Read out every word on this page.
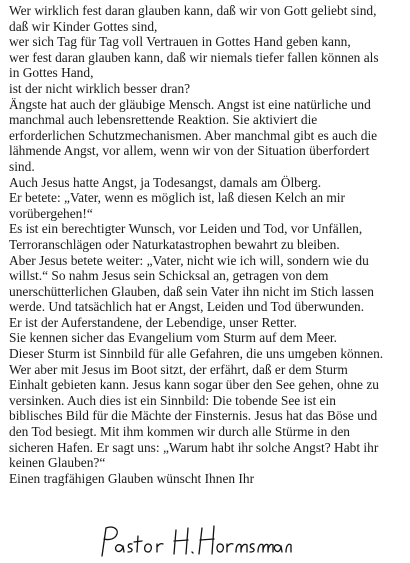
Wer wirklich fest daran glauben kann, daß wir von Gott geliebt sind,
daß wir Kinder Gottes sind,
wer sich Tag für Tag voll Vertrauen in Gottes Hand geben kann,
wer fest daran glauben kann, daß wir niemals tiefer fallen können als
in Gottes Hand,
ist der nicht wirklich besser dran?
Ängste hat auch der gläubige Mensch. Angst ist eine natürliche und
manchmal auch lebensrettende Reaktion. Sie aktiviert die
erforderlichen Schutzmechanismen. Aber manchmal gibt es auch die
lähmende Angst, vor allem, wenn wir von der Situation überfordert
sind.
Auch Jesus hatte Angst, ja Todesangst, damals am Ölberg.
Er betete: „Vater, wenn es möglich ist, laß diesen Kelch an mir
vorübergehen!“
Es ist ein berechtigter Wunsch, vor Leiden und Tod, vor Unfällen,
Terroranschlägen oder Naturkatastrophen bewahrt zu bleiben.
Aber Jesus betete weiter: „Vater, nicht wie ich will, sondern wie du
willst.“ So nahm Jesus sein Schicksal an, getragen von dem
unerschütterlichen Glauben, daß sein Vater ihn nicht im Stich lassen
werde. Und tatsächlich hat er Angst, Leiden und Tod überwunden.
Er ist der Auferstandene, der Lebendige, unser Retter.
Sie kennen sicher das Evangelium vom Sturm auf dem Meer.
Dieser Sturm ist Sinnbild für alle Gefahren, die uns umgeben können.
Wer aber mit Jesus im Boot sitzt, der erfährt, daß er dem Sturm
Einhalt gebieten kann. Jesus kann sogar über den See gehen, ohne zu
versinken. Auch dies ist ein Sinnbild: Die tobende See ist ein
biblisches Bild für die Mächte der Finsternis. Jesus hat das Böse und
den Tod besiegt. Mit ihm kommen wir durch alle Stürme in den
sicheren Hafen. Er sagt uns: „Warum habt ihr solche Angst? Habt ihr
keinen Glauben?“
Einen tragfähigen Glauben wünscht Ihnen Ihr
